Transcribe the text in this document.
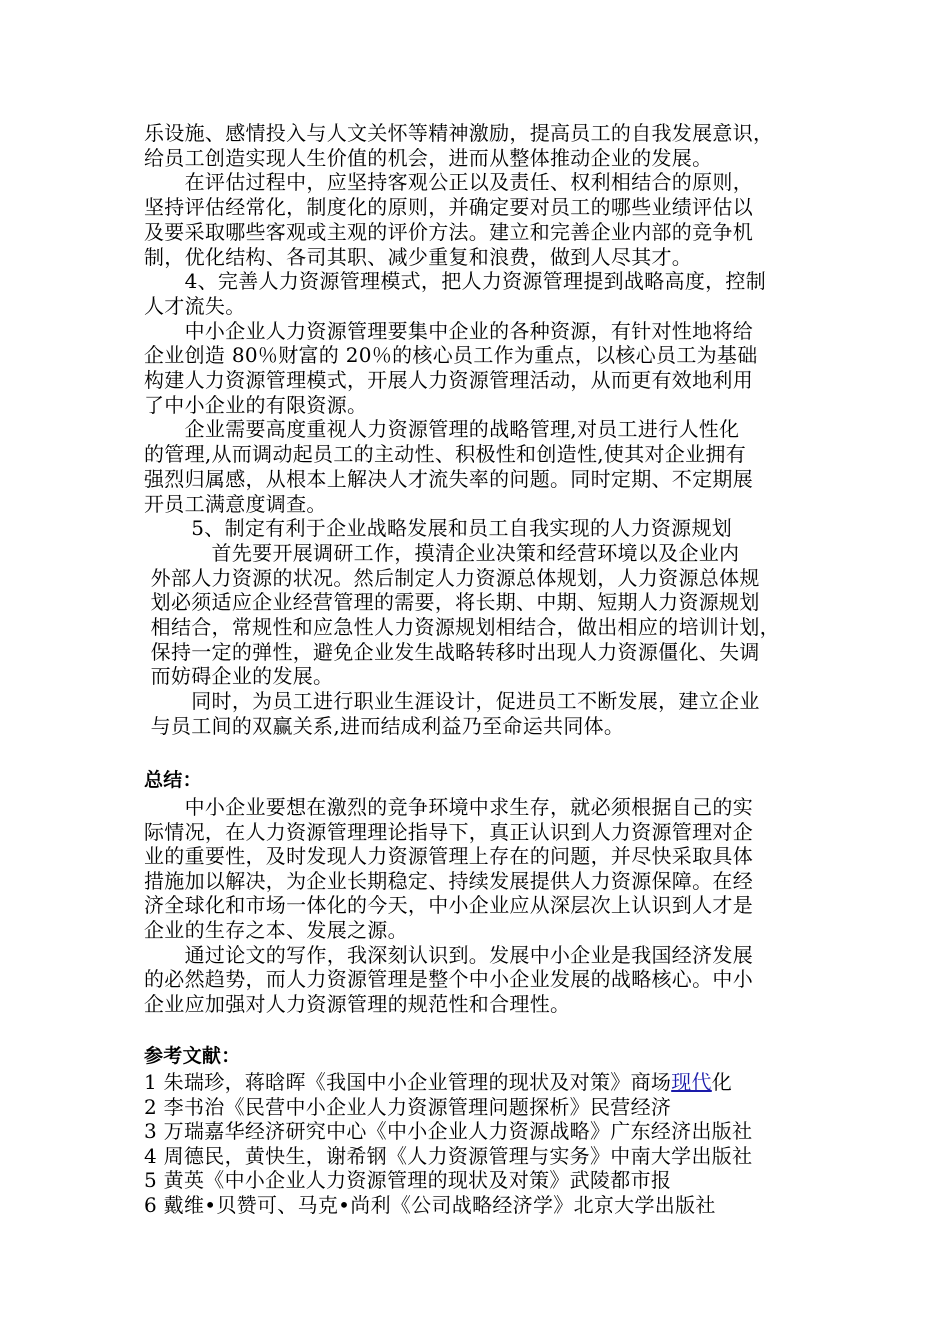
乐设施、感情投入与人文关怀等精神激励，提高员工的自我发展意识，
给员工创造实现人生价值的机会，进而从整体推动企业的发展。
　　在评估过程中，应坚持客观公正以及责任、权利相结合的原则，
坚持评估经常化，制度化的原则，并确定要对员工的哪些业绩评估以
及要采取哪些客观或主观的评价方法。建立和完善企业内部的竞争机
制，优化结构、各司其职、减少重复和浪费，做到人尽其才。
　　4、完善人力资源管理模式，把人力资源管理提到战略高度，控制
人才流失。
　　中小企业人力资源管理要集中企业的各种资源，有针对性地将给
企业创造 80％财富的 20％的核心员工作为重点，以核心员工为基础
构建人力资源管理模式，开展人力资源管理活动，从而更有效地利用
了中小企业的有限资源。
　　企业需要高度重视人力资源管理的战略管理,对员工进行人性化
的管理,从而调动起员工的主动性、积极性和创造性,使其对企业拥有
强烈归属感，从根本上解决人才流失率的问题。同时定期、不定期展
开员工满意度调查。
　　 5、制定有利于企业战略发展和员工自我实现的人力资源规划
　　　 首先要开展调研工作，摸清企业决策和经营环境以及企业内
外部人力资源的状况。然后制定人力资源总体规划，人力资源总体规
划必须适应企业经营管理的需要，将长期、中期、短期人力资源规划
相结合，常规性和应急性人力资源规划相结合，做出相应的培训计划，
保持一定的弹性，避免企业发生战略转移时出现人力资源僵化、失调
而妨碍企业的发展。
　　 同时，为员工进行职业生涯设计，促进员工不断发展，建立企业
与员工间的双赢关系,进而结成利益乃至命运共同体。
总结：
　　中小企业要想在激烈的竞争环境中求生存，就必须根据自己的实
际情况，在人力资源管理理论指导下，真正认识到人力资源管理对企
业的重要性，及时发现人力资源管理上存在的问题，并尽快采取具体
措施加以解决，为企业长期稳定、持续发展提供人力资源保障。在经
济全球化和市场一体化的今天，中小企业应从深层次上认识到人才是
企业的生存之本、发展之源。
　　通过论文的写作，我深刻认识到。发展中小企业是我国经济发展
的必然趋势，而人力资源管理是整个中小企业发展的战略核心。中小
企业应加强对人力资源管理的规范性和合理性。
参考文献：
1 朱瑞珍，蒋晗晖《我国中小企业管理的现状及对策》商场现代化
2 李书治《民营中小企业人力资源管理问题探析》民营经济
3 万瑞嘉华经济研究中心《中小企业人力资源战略》广东经济出版社
4 周德民，黄快生，谢希钢《人力资源管理与实务》中南大学出版社
5 黄英《中小企业人力资源管理的现状及对策》武陵都市报
6 戴维•贝赞可、马克•尚利《公司战略经济学》北京大学出版社
